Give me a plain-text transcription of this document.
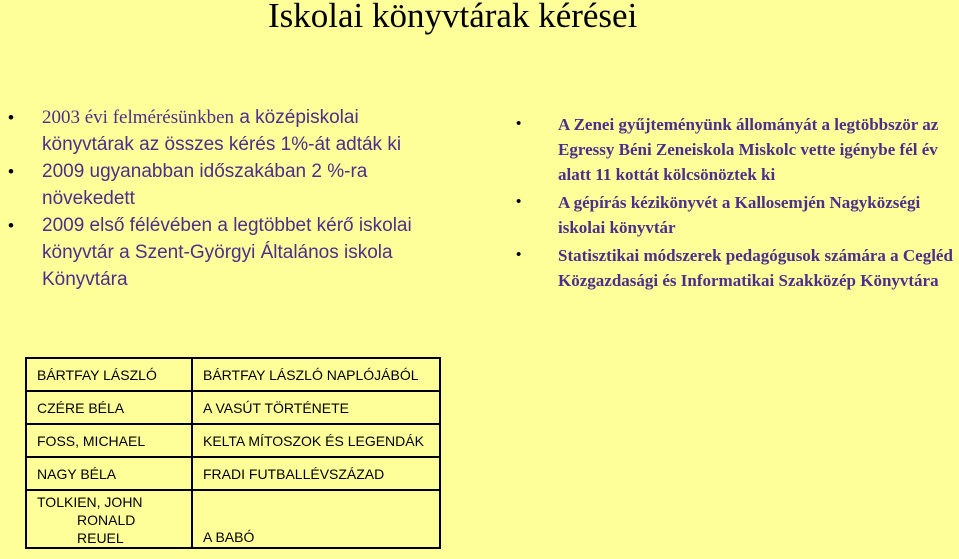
Iskolai könyvtárak kérései
• 2003 évi felmérésünkben a középiskolai könyvtárak az összes kérés 1%-át adták ki
• 2009 ugyanabban időszakában 2 %-ra növekedett
• 2009 első félévében a legtöbbet kérő iskolai könyvtár a Szent-Györgyi Általános iskola Könyvtára
• A Zenei gyűjteményünk állományát a legtöbbször az Egressy Béni Zeneiskola Miskolc vette igénybe fél év alatt 11 kottát kölcsönöztek ki
• A gépírás kézikönyvét a Kallosemjén Nagyközségi iskolai könyvtár
• Statisztikai módszerek pedagógusok számára a Cegléd Közgazdasági és Informatikai Szakközép Könyvtára
BÁRTFAY LÁSZLÓ	BÁRTFAY LÁSZLÓ NAPLÓJÁBÓL
CZÉRE BÉLA	A VASÚT TÖRTÉNETE
FOSS, MICHAEL	KELTA MÍTOSZOK ÉS LEGENDÁK
NAGY BÉLA	FRADI FUTBALLÉVSZÁZAD

TOLKIEN, JOHN
RONALD
REUEL	A BABÓ
